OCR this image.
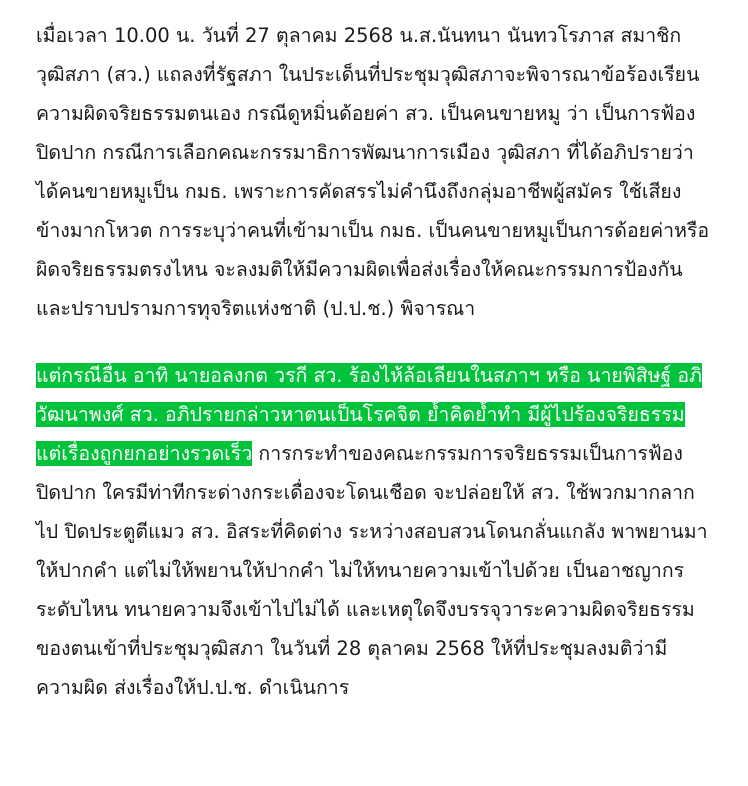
เมื่อเวลา 10.00 น. วันที่ 27 ตุลาคม 2568 น.ส.นันทนา นันทวโรภาส สมาชิกวุฒิสภา (สว.) แถลงที่รัฐสภา ในประเด็นที่ประชุมวุฒิสภาจะพิจารณาข้อร้องเรียนความผิดจริยธรรมตนเอง กรณีดูหมิ่นด้อยค่า สว. เป็นคนขายหมู ว่า เป็นการฟ้องปิดปาก กรณีการเลือกคณะกรรมาธิการพัฒนาการเมือง วุฒิสภา ที่ได้อภิปรายว่า ได้คนขายหมูเป็น กมธ. เพราะการคัดสรรไม่คำนึงถึงกลุ่มอาชีพผู้สมัคร ใช้เสียงข้างมากโหวต การระบุว่าคนที่เข้ามาเป็น กมธ. เป็นคนขายหมูเป็นการด้อยค่าหรือผิดจริยธรรมตรงไหน จะลงมติให้มีความผิดเพื่อส่งเรื่องให้คณะกรรมการป้องกันและปราบปรามการทุจริตแห่งชาติ (ป.ป.ช.) พิจารณา

แต่กรณีอื่น อาทิ นายอลงกต วรกี สว. ร้องไห้ล้อเลียนในสภาฯ หรือ นายพิสิษฐ์ อภิวัฒนาพงศ์ สว. อภิปรายกล่าวหาตนเป็นโรคจิต ย้ำคิดย้ำทำ มีผู้ไปร้องจริยธรรม แต่เรื่องถูกยกอย่างรวดเร็ว การกระทำของคณะกรรมการจริยธรรมเป็นการฟ้องปิดปาก ใครมีท่าทีกระด่างกระเดื่องจะโดนเชือด จะปล่อยให้ สว. ใช้พวกมากลากไป ปิดประตูตีแมว สว. อิสระที่คิดต่าง ระหว่างสอบสวนโดนกลั่นแกลัง พาพยานมาให้ปากคำ แต่ไม่ให้พยานให้ปากคำ ไม่ให้ทนายความเข้าไปด้วย เป็นอาชญากรระดับไหน ทนายความจึงเข้าไปไม่ได้ และเหตุใดจึงบรรจุวาระความผิดจริยธรรมของตนเข้าที่ประชุมวุฒิสภา ในวันที่ 28 ตุลาคม 2568 ให้ที่ประชุมลงมติว่ามีความผิด ส่งเรื่องให้ป.ป.ช. ดำเนินการ
